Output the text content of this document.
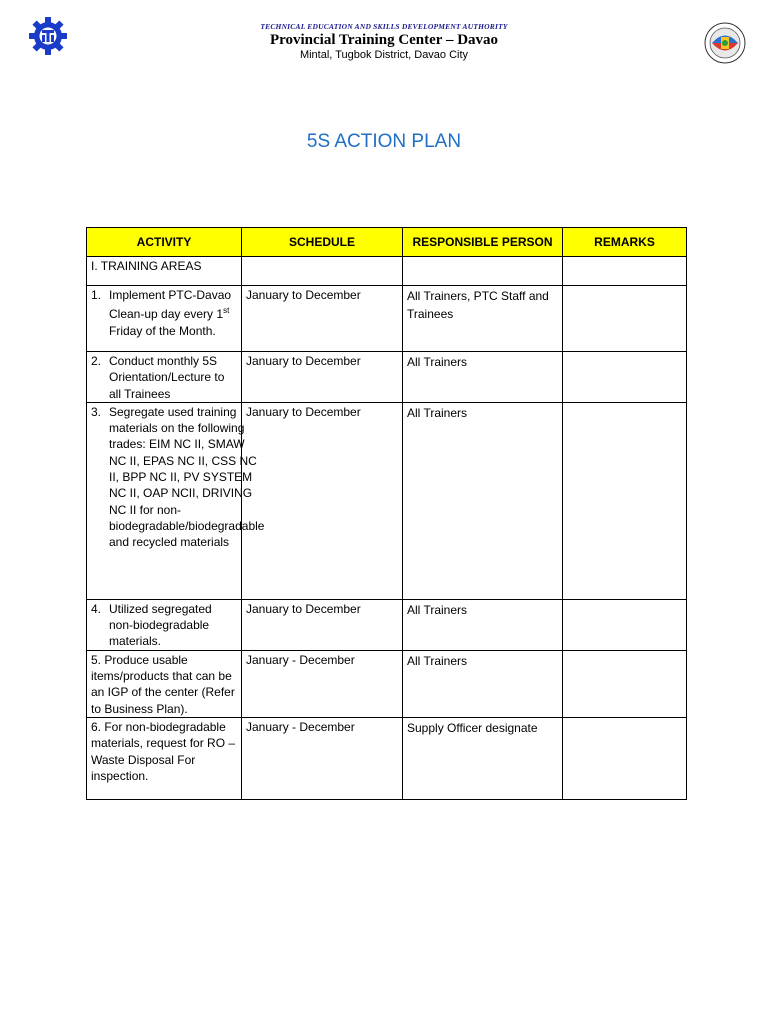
TECHNICAL EDUCATION AND SKILLS DEVELOPMENT AUTHORITY
Provincial Training Center – Davao
Mintal, Tugbok District, Davao City
5S ACTION PLAN
ACTIVITY	SCHEDULE	RESPONSIBLE PERSON	REMARKS
I. TRAINING AREAS			

1. Implement PTC-Davao Clean-up day every 1st Friday of the Month.	January to December	All Trainers, PTC Staff and Trainees	

2. Conduct monthly 5S Orientation/Lecture to all Trainees	January to December	All Trainers	

3. Segregate used training materials on the following trades: EIM NC II, SMAW NC II, EPAS NC II, CSS NC II, BPP NC II, PV SYSTEM NC II, OAP NCII, DRIVING NC II for non-biodegradable/biodegradable and recycled materials	January to December	All Trainers	

4. Utilized segregated non-biodegradable materials.	January to December	All Trainers	
5. Produce usable items/products that can be an IGP of the center (Refer to Business Plan).	January - December	All Trainers	
6. For non-biodegradable materials, request for RO – Waste Disposal For inspection.	January - December	Supply Officer designate	
